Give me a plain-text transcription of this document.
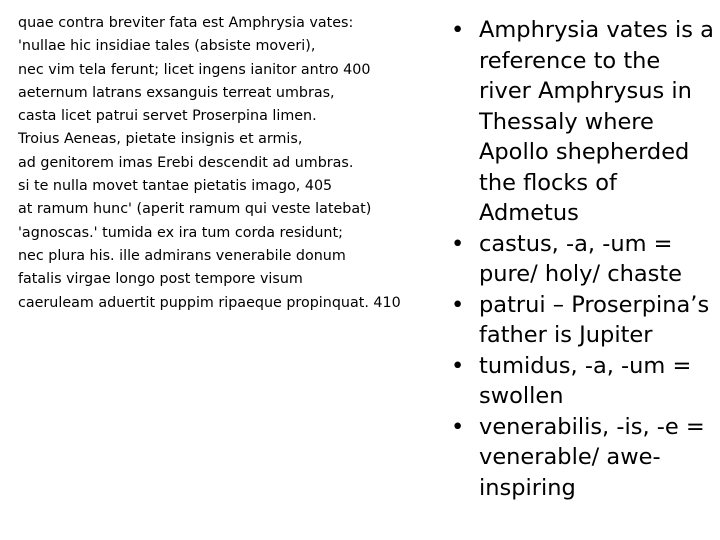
quae contra breviter fata est Amphrysia vates:
'nullae hic insidiae tales (absiste moveri),
nec vim tela ferunt; licet ingens ianitor antro 400
aeternum latrans exsanguis terreat umbras,
casta licet patrui servet Proserpina limen.
Troius Aeneas, pietate insignis et armis,
ad genitorem imas Erebi descendit ad umbras.
si te nulla movet tantae pietatis imago, 405
at ramum hunc' (aperit ramum qui veste latebat)
'agnoscas.' tumida ex ira tum corda residunt;
nec plura his. ille admirans venerabile donum
fatalis virgae longo post tempore visum
caeruleam aduertit puppim ripaeque propinquat. 410
• Amphrysia vates is a
reference to the
river Amphrysus in
Thessaly where
Apollo shepherded
the flocks of
Admetus
• castus, -a, -um =
pure/ holy/ chaste
• patrui – Proserpina’s
father is Jupiter
• tumidus, -a, -um =
swollen
• venerabilis, -is, -e =
venerable/ awe-
inspiring
